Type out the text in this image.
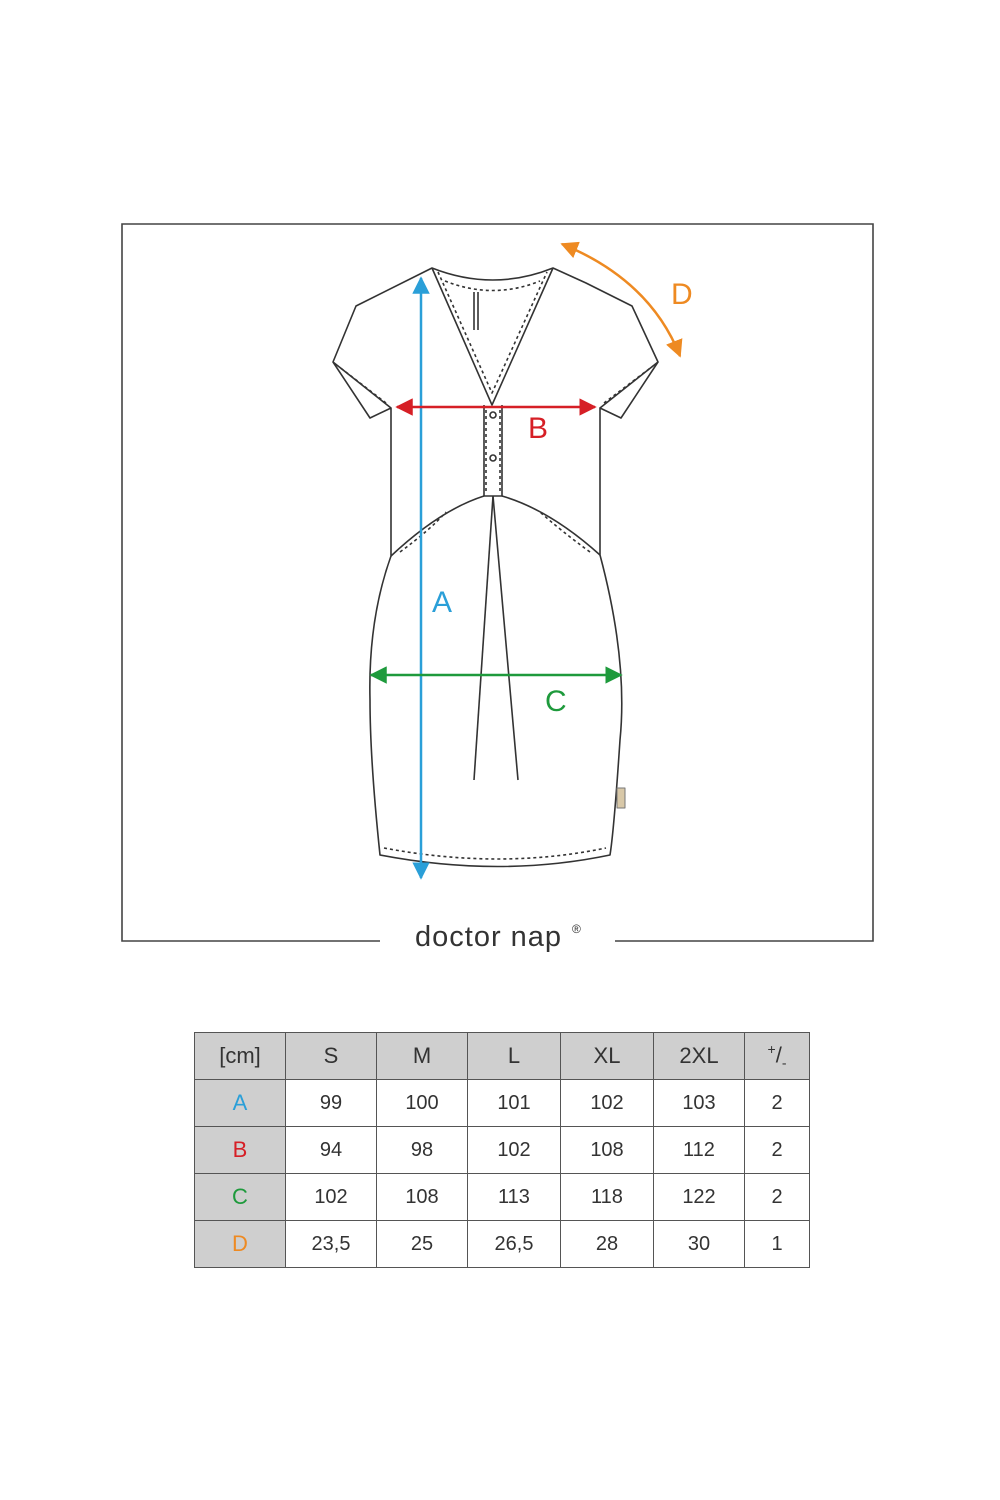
A
B
C
D
doctor nap ®
[cm]	S	M	L	XL	2XL	$^+/_-$
A	99	100	101	102	103	2
B	94	98	102	108	112	2
C	102	108	113	118	122	2
D	23,5	25	26,5	28	30	1
